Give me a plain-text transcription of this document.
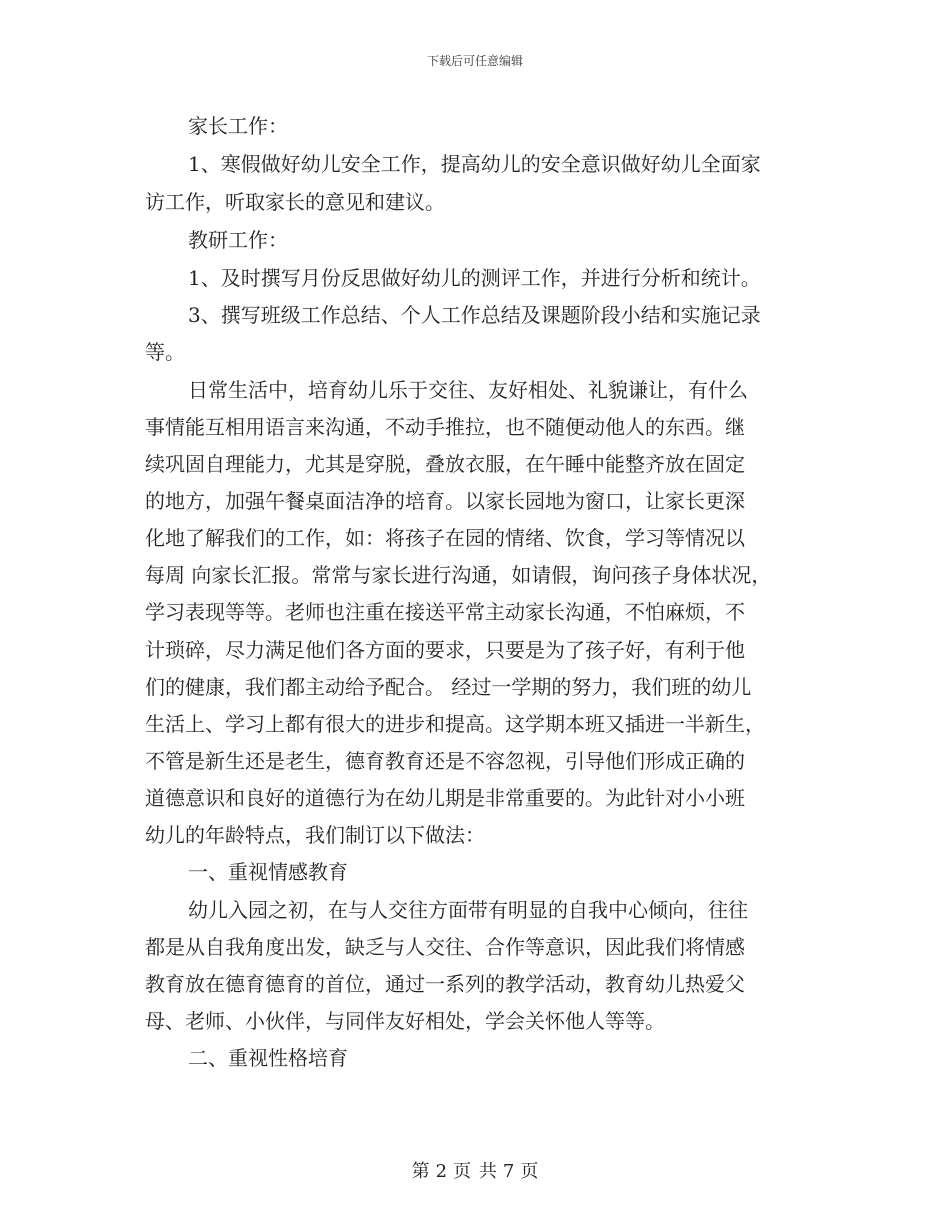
下载后可任意编辑
家长工作：
1、寒假做好幼儿安全工作，提高幼儿的安全意识做好幼儿全面家
访工作，听取家长的意见和建议。
教研工作：
1、及时撰写月份反思做好幼儿的测评工作，并进行分析和统计。
3、撰写班级工作总结、个人工作总结及课题阶段小结和实施记录
等。
日常生活中，培育幼儿乐于交往、友好相处、礼貌谦让，有什么
事情能互相用语言来沟通，不动手推拉，也不随便动他人的东西。继
续巩固自理能力，尤其是穿脱，叠放衣服，在午睡中能整齐放在固定
的地方，加强午餐桌面洁净的培育。以家长园地为窗口，让家长更深
化地了解我们的工作，如：将孩子在园的情绪、饮食，学习等情况以
每周 向家长汇报。常常与家长进行沟通，如请假，询问孩子身体状况，
学习表现等等。老师也注重在接送平常主动家长沟通，不怕麻烦，不
计琐碎，尽力满足他们各方面的要求，只要是为了孩子好，有利于他
们的健康，我们都主动给予配合。 经过一学期的努力，我们班的幼儿
生活上、学习上都有很大的进步和提高。这学期本班又插进一半新生，
不管是新生还是老生，德育教育还是不容忽视，引导他们形成正确的
道德意识和良好的道德行为在幼儿期是非常重要的。为此针对小小班
幼儿的年龄特点，我们制订以下做法：
一、重视情感教育
幼儿入园之初，在与人交往方面带有明显的自我中心倾向，往往
都是从自我角度出发，缺乏与人交往、合作等意识，因此我们将情感
教育放在德育德育的首位，通过一系列的教学活动，教育幼儿热爱父
母、老师、小伙伴，与同伴友好相处，学会关怀他人等等。
二、重视性格培育
第 2 页 共 7 页
